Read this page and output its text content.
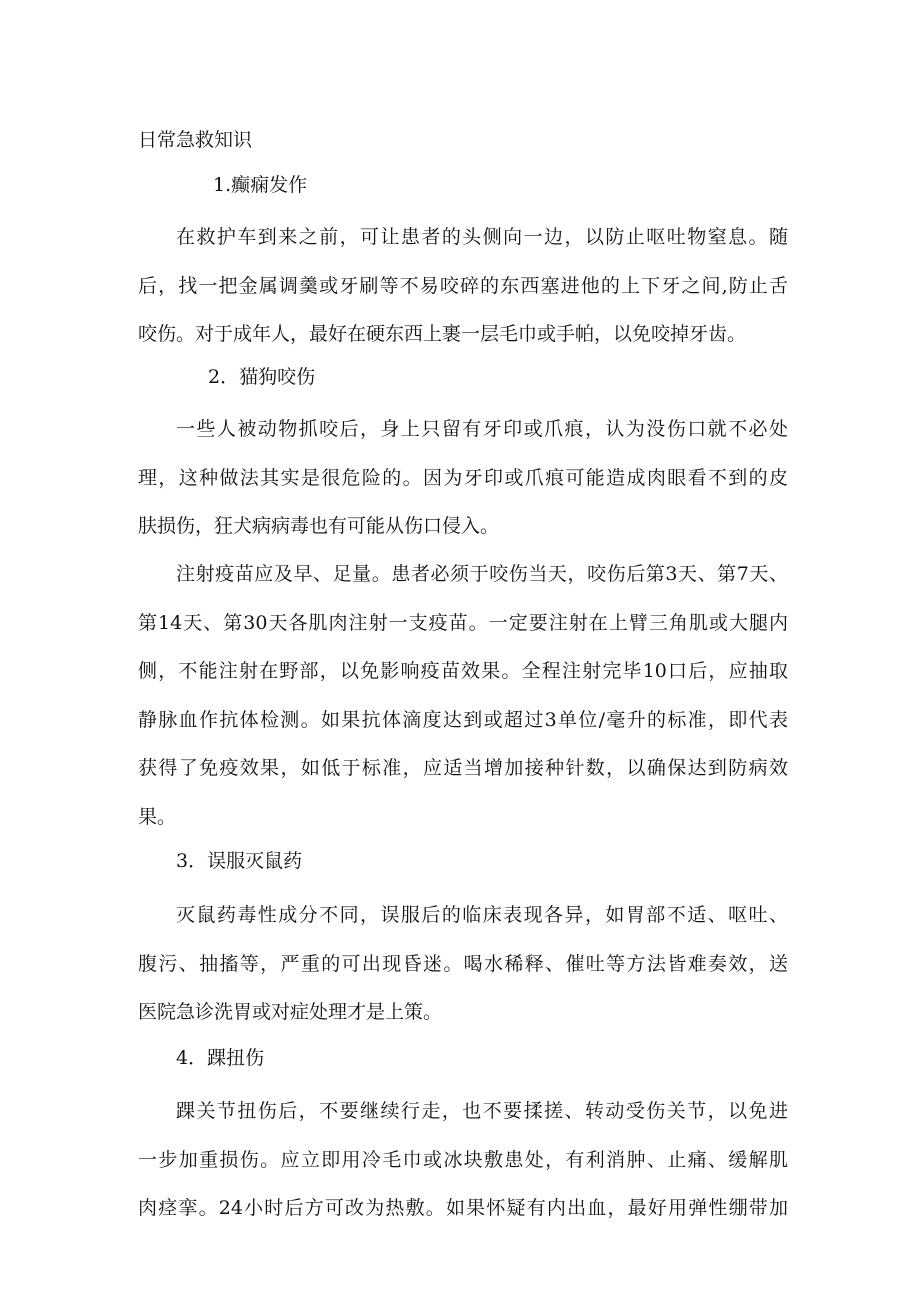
日常急救知识
1.癫痫发作

在救护车到来之前，可让患者的头侧向一边，以防止呕吐物窒息。随
后，找一把金属调羹或牙刷等不易咬碎的东西塞进他的上下牙之间,防止舌
咬伤。对于成年人，最好在硬东西上裹一层毛巾或手帕，以免咬掉牙齿。

2．猫狗咬伤

一些人被动物抓咬后，身上只留有牙印或爪痕，认为没伤口就不必处
理，这种做法其实是很危险的。因为牙印或爪痕可能造成肉眼看不到的皮
肤损伤，狂犬病病毒也有可能从伤口侵入。

注射疫苗应及早、足量。患者必须于咬伤当天，咬伤后第3天、第7天、
第14天、第30天各肌肉注射一支疫苗。一定要注射在上臂三角肌或大腿内
侧，不能注射在野部，以免影响疫苗效果。全程注射完毕10口后，应抽取
静脉血作抗体检测。如果抗体滴度达到或超过3单位/毫升的标准，即代表
获得了免疫效果，如低于标准，应适当增加接种针数，以确保达到防病效
果。

3．误服灭鼠药

灭鼠药毒性成分不同，误服后的临床表现各异，如胃部不适、呕吐、
腹污、抽搐等，严重的可出现昏迷。喝水稀释、催吐等方法皆难奏效，送
医院急诊洗胃或对症处理才是上策。

4．踝扭伤

踝关节扭伤后，不要继续行走，也不要揉搓、转动受伤关节，以免进
一步加重损伤。应立即用冷毛巾或冰块敷患处，有利消肿、止痛、缓解肌
肉痉挛。24小时后方可改为热敷。如果怀疑有内出血，最好用弹性绷带加
